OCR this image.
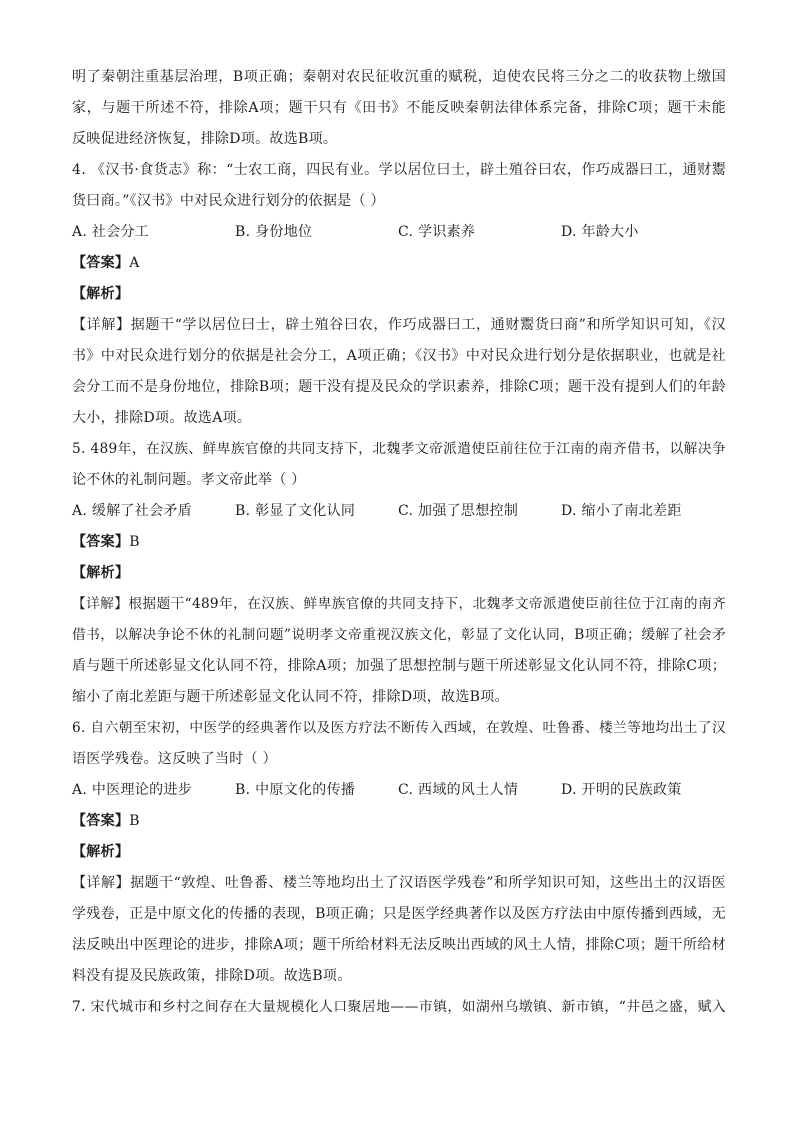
明了秦朝注重基层治理，B项正确；秦朝对农民征收沉重的赋税，迫使农民将三分之二的收获物上缴国
家，与题干所述不符，排除A项；题干只有《田书》不能反映秦朝法律体系完备，排除C项；题干未能
反映促进经济恢复，排除D项。故选B项。
4. 《汉书·食货志》称：“士农工商，四民有业。学以居位曰士，辟土殖谷曰农，作巧成器曰工，通财鬻
货曰商。”《汉书》中对民众进行划分的依据是（ ）
A. 社会分工	B. 身份地位	C. 学识素养	D. 年龄大小
【答案】A
【解析】
【详解】据题干“学以居位曰士，辟土殖谷曰农，作巧成器曰工，通财鬻货曰商”和所学知识可知，《汉
书》中对民众进行划分的依据是社会分工，A项正确；《汉书》中对民众进行划分是依据职业，也就是社
会分工而不是身份地位，排除B项；题干没有提及民众的学识素养，排除C项；题干没有提到人们的年龄
大小，排除D项。故选A项。
5. 489年，在汉族、鲜卑族官僚的共同支持下，北魏孝文帝派遣使臣前往位于江南的南齐借书，以解决争
论不休的礼制问题。孝文帝此举（ ）
A. 缓解了社会矛盾	B. 彰显了文化认同	C. 加强了思想控制	D. 缩小了南北差距
【答案】B
【解析】
【详解】根据题干“489年，在汉族、鲜卑族官僚的共同支持下，北魏孝文帝派遣使臣前往位于江南的南齐
借书，以解决争论不休的礼制问题”说明孝文帝重视汉族文化，彰显了文化认同，B项正确；缓解了社会矛
盾与题干所述彰显文化认同不符，排除A项；加强了思想控制与题干所述彰显文化认同不符，排除C项；
缩小了南北差距与题干所述彰显文化认同不符，排除D项，故选B项。
6. 自六朝至宋初，中医学的经典著作以及医方疗法不断传入西域，在敦煌、吐鲁番、楼兰等地均出土了汉
语医学残卷。这反映了当时（ ）
A. 中医理论的进步	B. 中原文化的传播	C. 西域的风土人情	D. 开明的民族政策
【答案】B
【解析】
【详解】据题干“敦煌、吐鲁番、楼兰等地均出土了汉语医学残卷”和所学知识可知，这些出土的汉语医
学残卷，正是中原文化的传播的表现，B项正确；只是医学经典著作以及医方疗法由中原传播到西域，无
法反映出中医理论的进步，排除A项；题干所给材料无法反映出西域的风土人情，排除C项；题干所给材
料没有提及民族政策，排除D项。故选B项。
7. 宋代城市和乡村之间存在大量规模化人口聚居地——市镇，如湖州乌墩镇、新市镇，“井邑之盛，赋入
